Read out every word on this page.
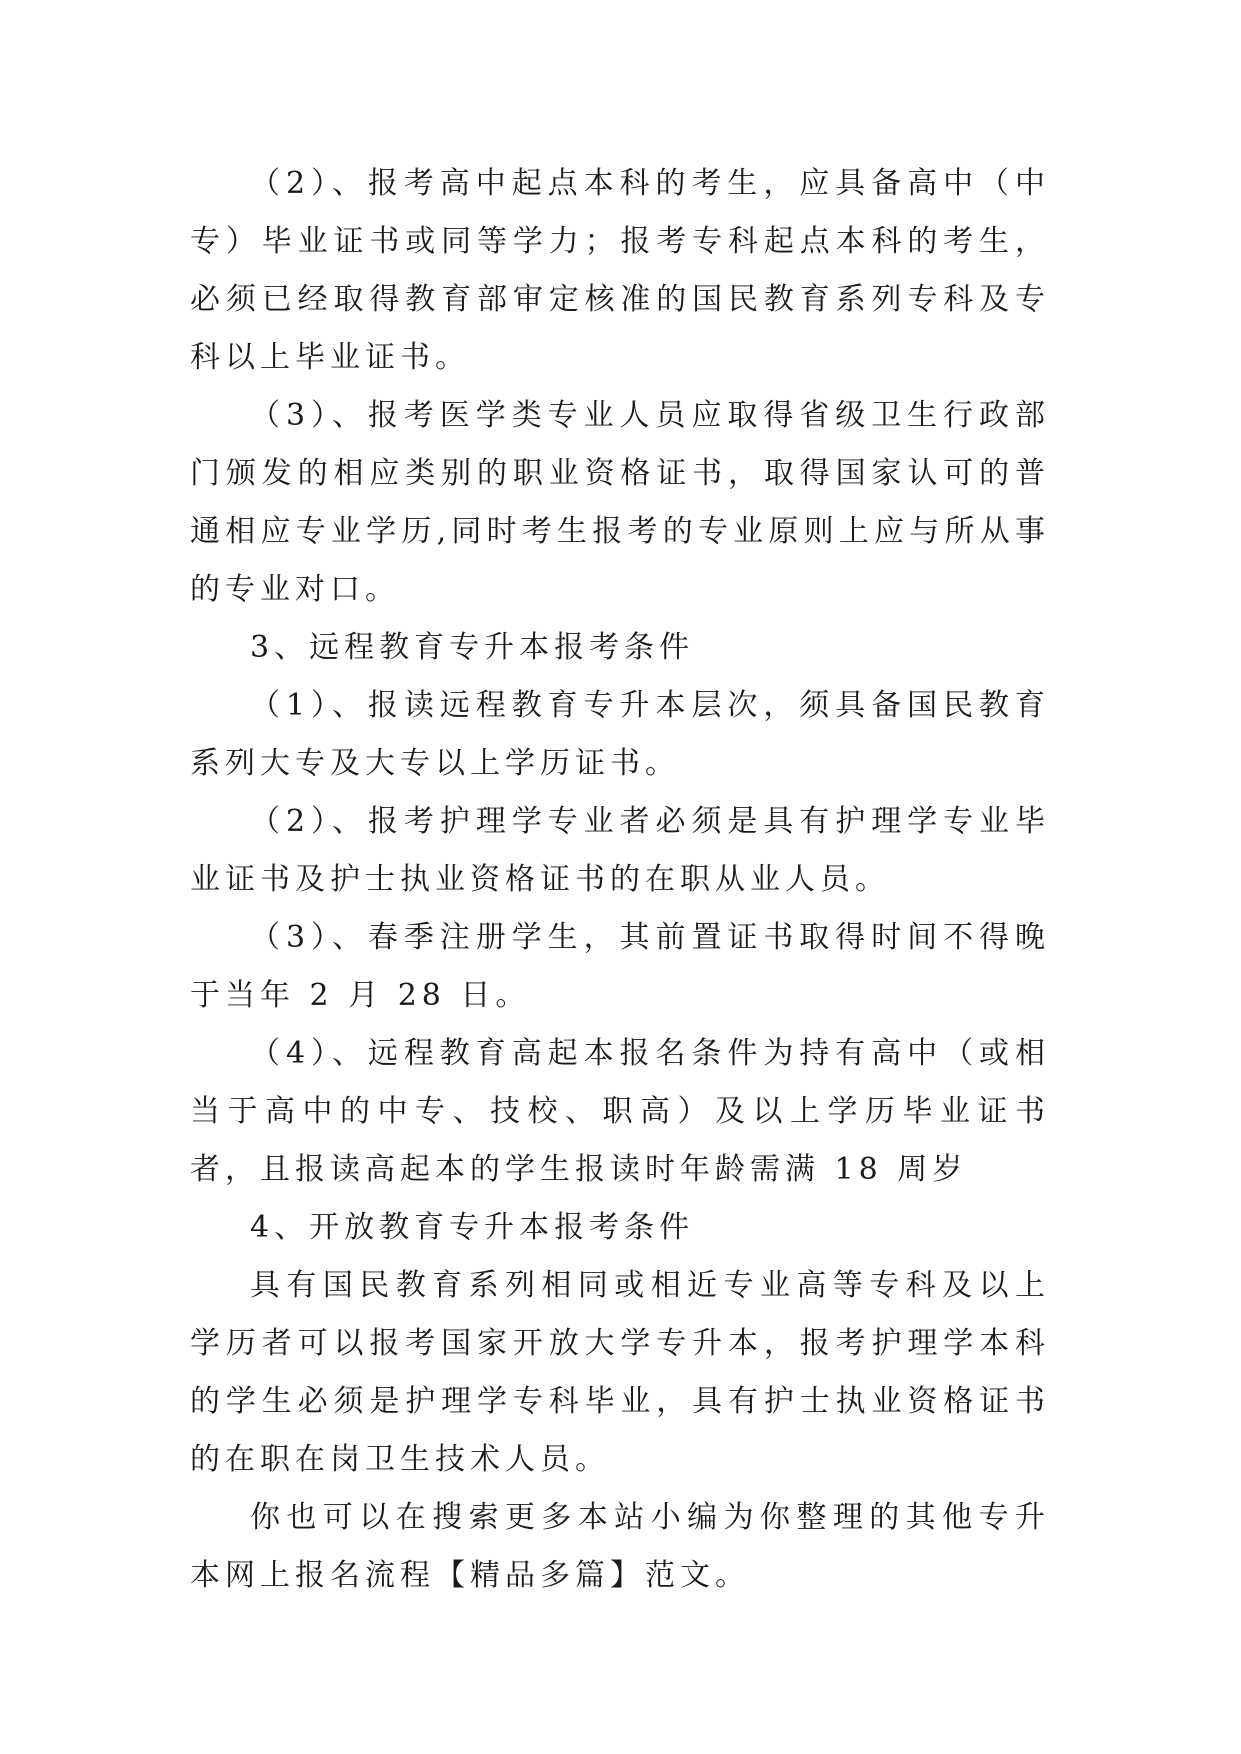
（2）、报考高中起点本科的考生，应具备高中（中专）毕业证书或同等学力；报考专科起点本科的考生，必须已经取得教育部审定核准的国民教育系列专科及专科以上毕业证书。

（3）、报考医学类专业人员应取得省级卫生行政部门颁发的相应类别的职业资格证书，取得国家认可的普通相应专业学历,同时考生报考的专业原则上应与所从事的专业对口。

3、远程教育专升本报考条件

（1）、报读远程教育专升本层次，须具备国民教育系列大专及大专以上学历证书。

（2）、报考护理学专业者必须是具有护理学专业毕业证书及护士执业资格证书的在职从业人员。

（3）、春季注册学生，其前置证书取得时间不得晚于当年 2 月 28 日。

（4）、远程教育高起本报名条件为持有高中（或相当于高中的中专、技校、职高）及以上学历毕业证书者，且报读高起本的学生报读时年龄需满 18 周岁

4、开放教育专升本报考条件

具有国民教育系列相同或相近专业高等专科及以上学历者可以报考国家开放大学专升本，报考护理学本科的学生必须是护理学专科毕业，具有护士执业资格证书的在职在岗卫生技术人员。

你也可以在搜索更多本站小编为你整理的其他专升本网上报名流程【精品多篇】范文。
